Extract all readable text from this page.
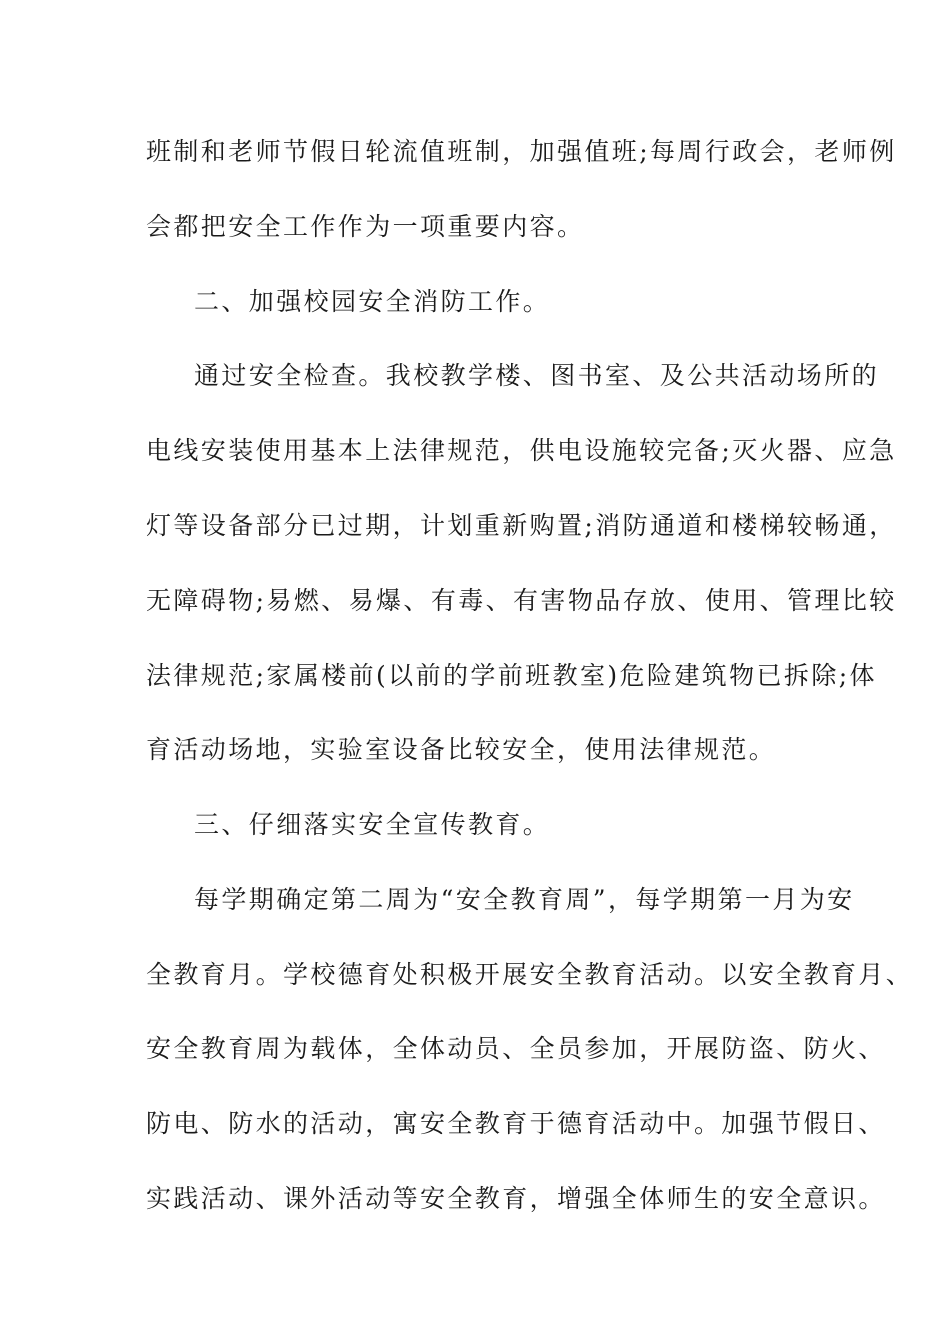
班制和老师节假日轮流值班制，加强值班;每周行政会，老师例
会都把安全工作作为一项重要内容。
二、加强校园安全消防工作。
通过安全检查。我校教学楼、图书室、及公共活动场所的
电线安装使用基本上法律规范，供电设施较完备;灭火器、应急
灯等设备部分已过期，计划重新购置;消防通道和楼梯较畅通，
无障碍物;易燃、易爆、有毒、有害物品存放、使用、管理比较
法律规范;家属楼前(以前的学前班教室)危险建筑物已拆除;体
育活动场地，实验室设备比较安全，使用法律规范。
三、仔细落实安全宣传教育。
每学期确定第二周为“安全教育周”，每学期第一月为安
全教育月。学校德育处积极开展安全教育活动。以安全教育月、
安全教育周为载体，全体动员、全员参加，开展防盗、防火、
防电、防水的活动，寓安全教育于德育活动中。加强节假日、
实践活动、课外活动等安全教育，增强全体师生的安全意识。
